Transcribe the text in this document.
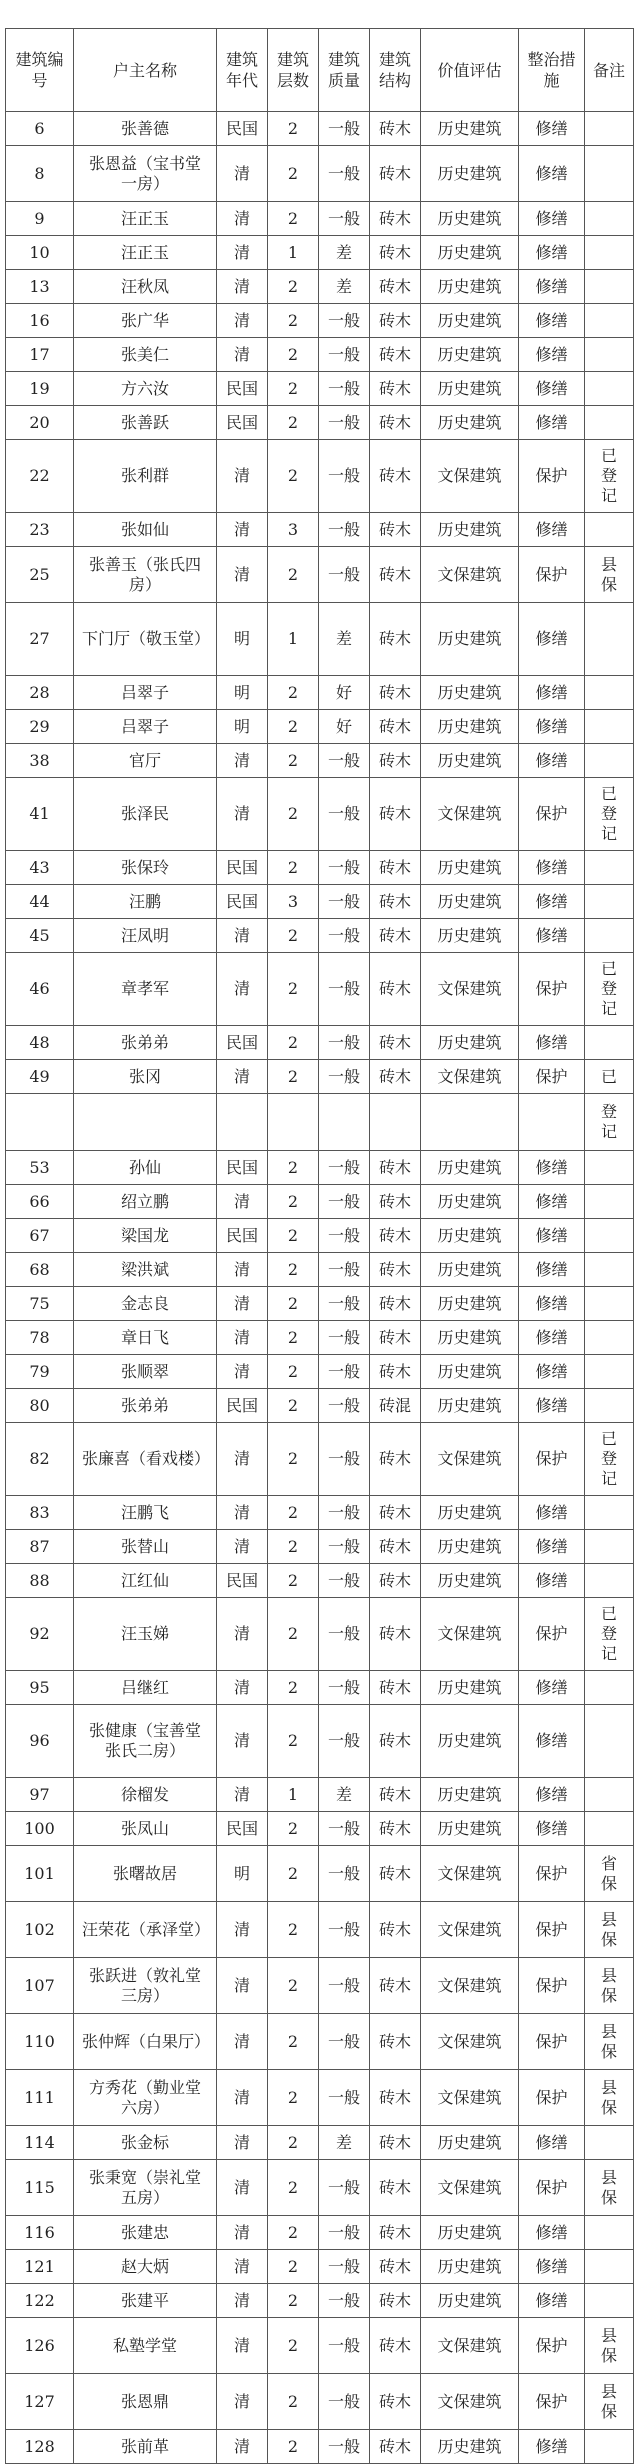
建筑编号	户主名称	建筑年代	建筑层数	建筑质量	建筑结构	价值评估	整治措施	备注
6	张善德	民国	2	一般	砖木	历史建筑	修缮	
8	张恩益（宝书堂一房）	清	2	一般	砖木	历史建筑	修缮	
9	汪正玉	清	2	一般	砖木	历史建筑	修缮	
10	汪正玉	清	1	差	砖木	历史建筑	修缮	
13	汪秋凤	清	2	差	砖木	历史建筑	修缮	
16	张广华	清	2	一般	砖木	历史建筑	修缮	
17	张美仁	清	2	一般	砖木	历史建筑	修缮	
19	方六汝	民国	2	一般	砖木	历史建筑	修缮	
20	张善跃	民国	2	一般	砖木	历史建筑	修缮	
22	张利群	清	2	一般	砖木	文保建筑	保护	已登记
23	张如仙	清	3	一般	砖木	历史建筑	修缮	
25	张善玉（张氏四房）	清	2	一般	砖木	文保建筑	保护	县保
27	下门厅（敬玉堂）	明	1	差	砖木	历史建筑	修缮	
28	吕翠子	明	2	好	砖木	历史建筑	修缮	
29	吕翠子	明	2	好	砖木	历史建筑	修缮	
38	官厅	清	2	一般	砖木	历史建筑	修缮	
41	张泽民	清	2	一般	砖木	文保建筑	保护	已登记
43	张保玲	民国	2	一般	砖木	历史建筑	修缮	
44	汪鹏	民国	3	一般	砖木	历史建筑	修缮	
45	汪凤明	清	2	一般	砖木	历史建筑	修缮	
46	章孝军	清	2	一般	砖木	文保建筑	保护	已登记
48	张弟弟	民国	2	一般	砖木	历史建筑	修缮	
49	张冈	清	2	一般	砖木	文保建筑	保护	已
								登记
53	孙仙	民国	2	一般	砖木	历史建筑	修缮	
66	绍立鹏	清	2	一般	砖木	历史建筑	修缮	
67	梁国龙	民国	2	一般	砖木	历史建筑	修缮	
68	梁洪斌	清	2	一般	砖木	历史建筑	修缮	
75	金志良	清	2	一般	砖木	历史建筑	修缮	
78	章日飞	清	2	一般	砖木	历史建筑	修缮	
79	张顺翠	清	2	一般	砖木	历史建筑	修缮	
80	张弟弟	民国	2	一般	砖混	历史建筑	修缮	
82	张廉喜（看戏楼）	清	2	一般	砖木	文保建筑	保护	已登记
83	汪鹏飞	清	2	一般	砖木	历史建筑	修缮	
87	张替山	清	2	一般	砖木	历史建筑	修缮	
88	江红仙	民国	2	一般	砖木	历史建筑	修缮	
92	汪玉娣	清	2	一般	砖木	文保建筑	保护	已登记
95	吕继红	清	2	一般	砖木	历史建筑	修缮	
96	张健康（宝善堂张氏二房）	清	2	一般	砖木	历史建筑	修缮	
97	徐榴发	清	1	差	砖木	历史建筑	修缮	
100	张凤山	民国	2	一般	砖木	历史建筑	修缮	
101	张曙故居	明	2	一般	砖木	文保建筑	保护	省保
102	汪荣花（承泽堂）	清	2	一般	砖木	文保建筑	保护	县保
107	张跃进（敦礼堂三房）	清	2	一般	砖木	文保建筑	保护	县保
110	张仲辉（白果厅）	清	2	一般	砖木	文保建筑	保护	县保
111	方秀花（勤业堂六房）	清	2	一般	砖木	文保建筑	保护	县保
114	张金标	清	2	差	砖木	历史建筑	修缮	
115	张秉宽（崇礼堂五房）	清	2	一般	砖木	文保建筑	保护	县保
116	张建忠	清	2	一般	砖木	历史建筑	修缮	
121	赵大炳	清	2	一般	砖木	历史建筑	修缮	
122	张建平	清	2	一般	砖木	历史建筑	修缮	
126	私塾学堂	清	2	一般	砖木	文保建筑	保护	县保
127	张恩鼎	清	2	一般	砖木	文保建筑	保护	县保
128	张前革	清	2	一般	砖木	历史建筑	修缮	
